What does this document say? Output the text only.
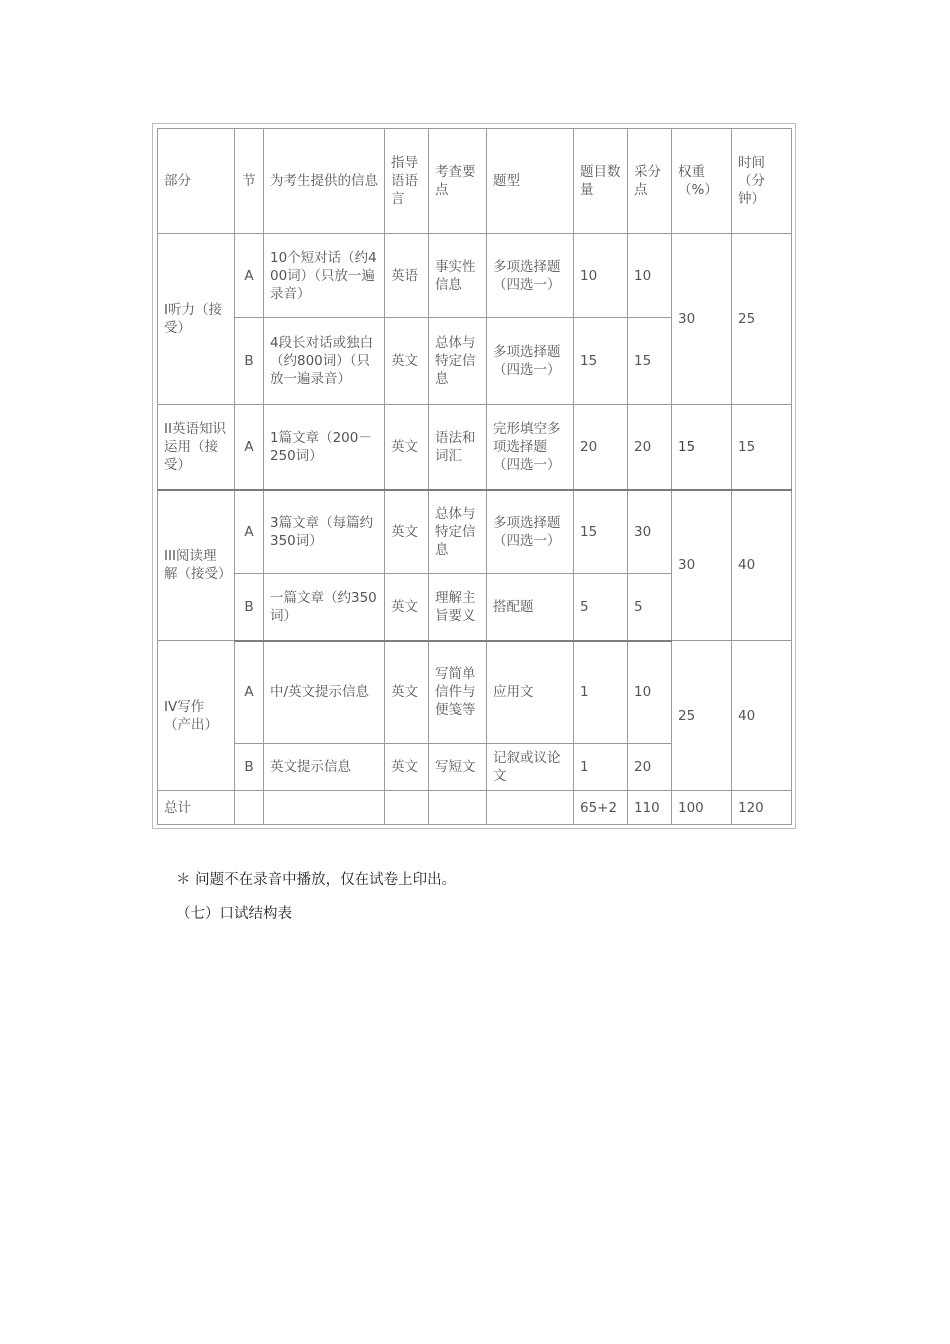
部分	节	为考生提供的信息	指导语语言	考查要点	题型	题目数量	采分点	权重（%）	时间（分钟）
I听力（接受）	A	10个短对话（约400词）（只放一遍录音）	英语	事实性信息	多项选择题（四选一）	10	10	30	25
	B	4段长对话或独白（约800词）（只放一遍录音）	英文	总体与特定信息	多项选择题（四选一）	15	15		
II英语知识运用（接受）	A	1篇文章（200－250词）	英文	语法和词汇	完形填空多项选择题（四选一）	20	20	15	15
III阅读理解（接受）	A	3篇文章（每篇约350词）	英文	总体与特定信息	多项选择题（四选一）	15	30	30	40
	B	一篇文章（约350词）	英文	理解主旨要义	搭配题	5	5		
IV写作（产出）	A	中/英文提示信息	英文	写简单信件与便笺等	应用文	1	10	25	40
	B	英文提示信息	英文	写短文	记叙或议论文	1	20		
总计						65+2	110	100	120

＊ 问题不在录音中播放，仅在试卷上印出。

（七）口试结构表
